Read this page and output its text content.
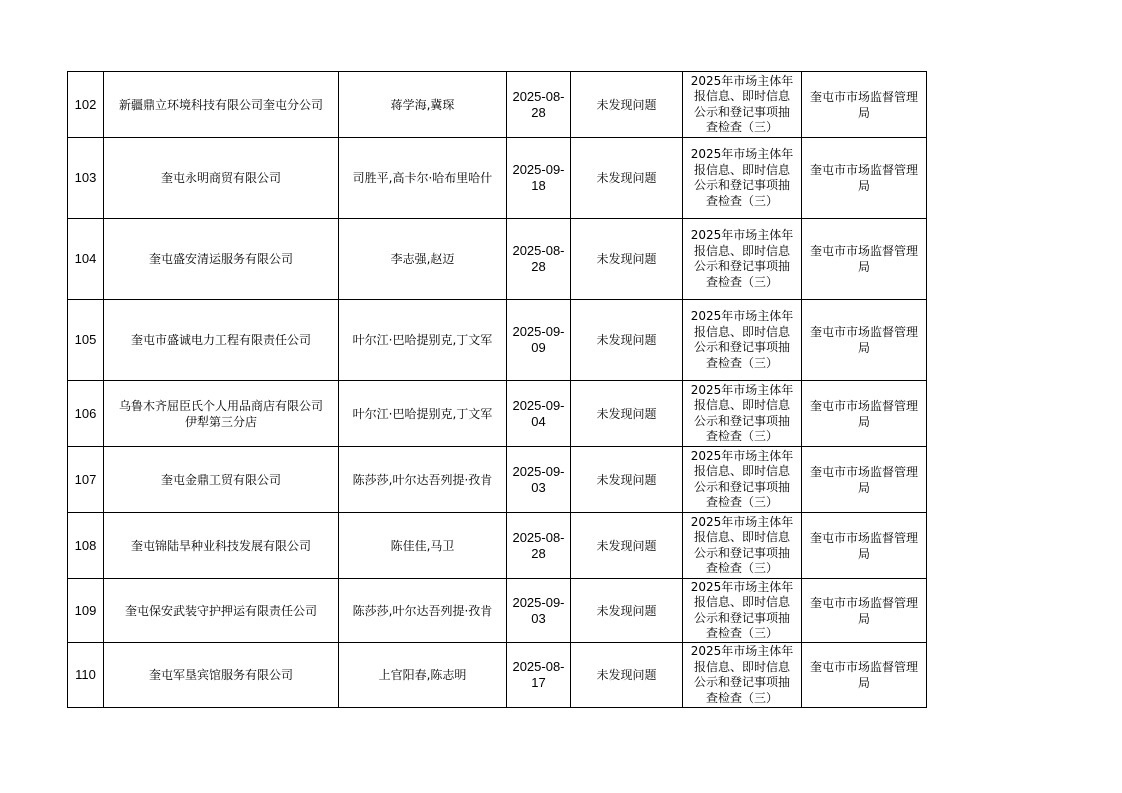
102	新疆鼎立环境科技有限公司奎屯分公司	蒋学海,冀琛	2025-08-
28	未发现问题	2025年市场主体年
报信息、即时信息
公示和登记事项抽
查检查（三）	奎屯市市场监督管理
局

103	奎屯永明商贸有限公司	司胜平,高卡尔·哈布里哈什	2025-09-
18	未发现问题	2025年市场主体年
报信息、即时信息
公示和登记事项抽
查检查（三）	奎屯市市场监督管理
局

104	奎屯盛安清运服务有限公司	李志强,赵迈	2025-08-
28	未发现问题	2025年市场主体年
报信息、即时信息
公示和登记事项抽
查检查（三）	奎屯市市场监督管理
局

105	奎屯市盛诚电力工程有限责任公司	叶尔江·巴哈提别克,丁文军	2025-09-
09	未发现问题	2025年市场主体年
报信息、即时信息
公示和登记事项抽
查检查（三）	奎屯市市场监督管理
局

106	乌鲁木齐屈臣氏个人用品商店有限公司
伊犁第三分店	叶尔江·巴哈提别克,丁文军	2025-09-
04	未发现问题	2025年市场主体年
报信息、即时信息
公示和登记事项抽
查检查（三）	奎屯市市场监督管理
局

107	奎屯金鼎工贸有限公司	陈莎莎,叶尔达吾列提·孜肯	2025-09-
03	未发现问题	2025年市场主体年
报信息、即时信息
公示和登记事项抽
查检查（三）	奎屯市市场监督管理
局

108	奎屯锦陆旱种业科技发展有限公司	陈佳佳,马卫	2025-08-
28	未发现问题	2025年市场主体年
报信息、即时信息
公示和登记事项抽
查检查（三）	奎屯市市场监督管理
局

109	奎屯保安武装守护押运有限责任公司	陈莎莎,叶尔达吾列提·孜肯	2025-09-
03	未发现问题	2025年市场主体年
报信息、即时信息
公示和登记事项抽
查检查（三）	奎屯市市场监督管理
局

110	奎屯军垦宾馆服务有限公司	上官阳春,陈志明	2025-08-
17	未发现问题	2025年市场主体年
报信息、即时信息
公示和登记事项抽
查检查（三）	奎屯市市场监督管理
局
